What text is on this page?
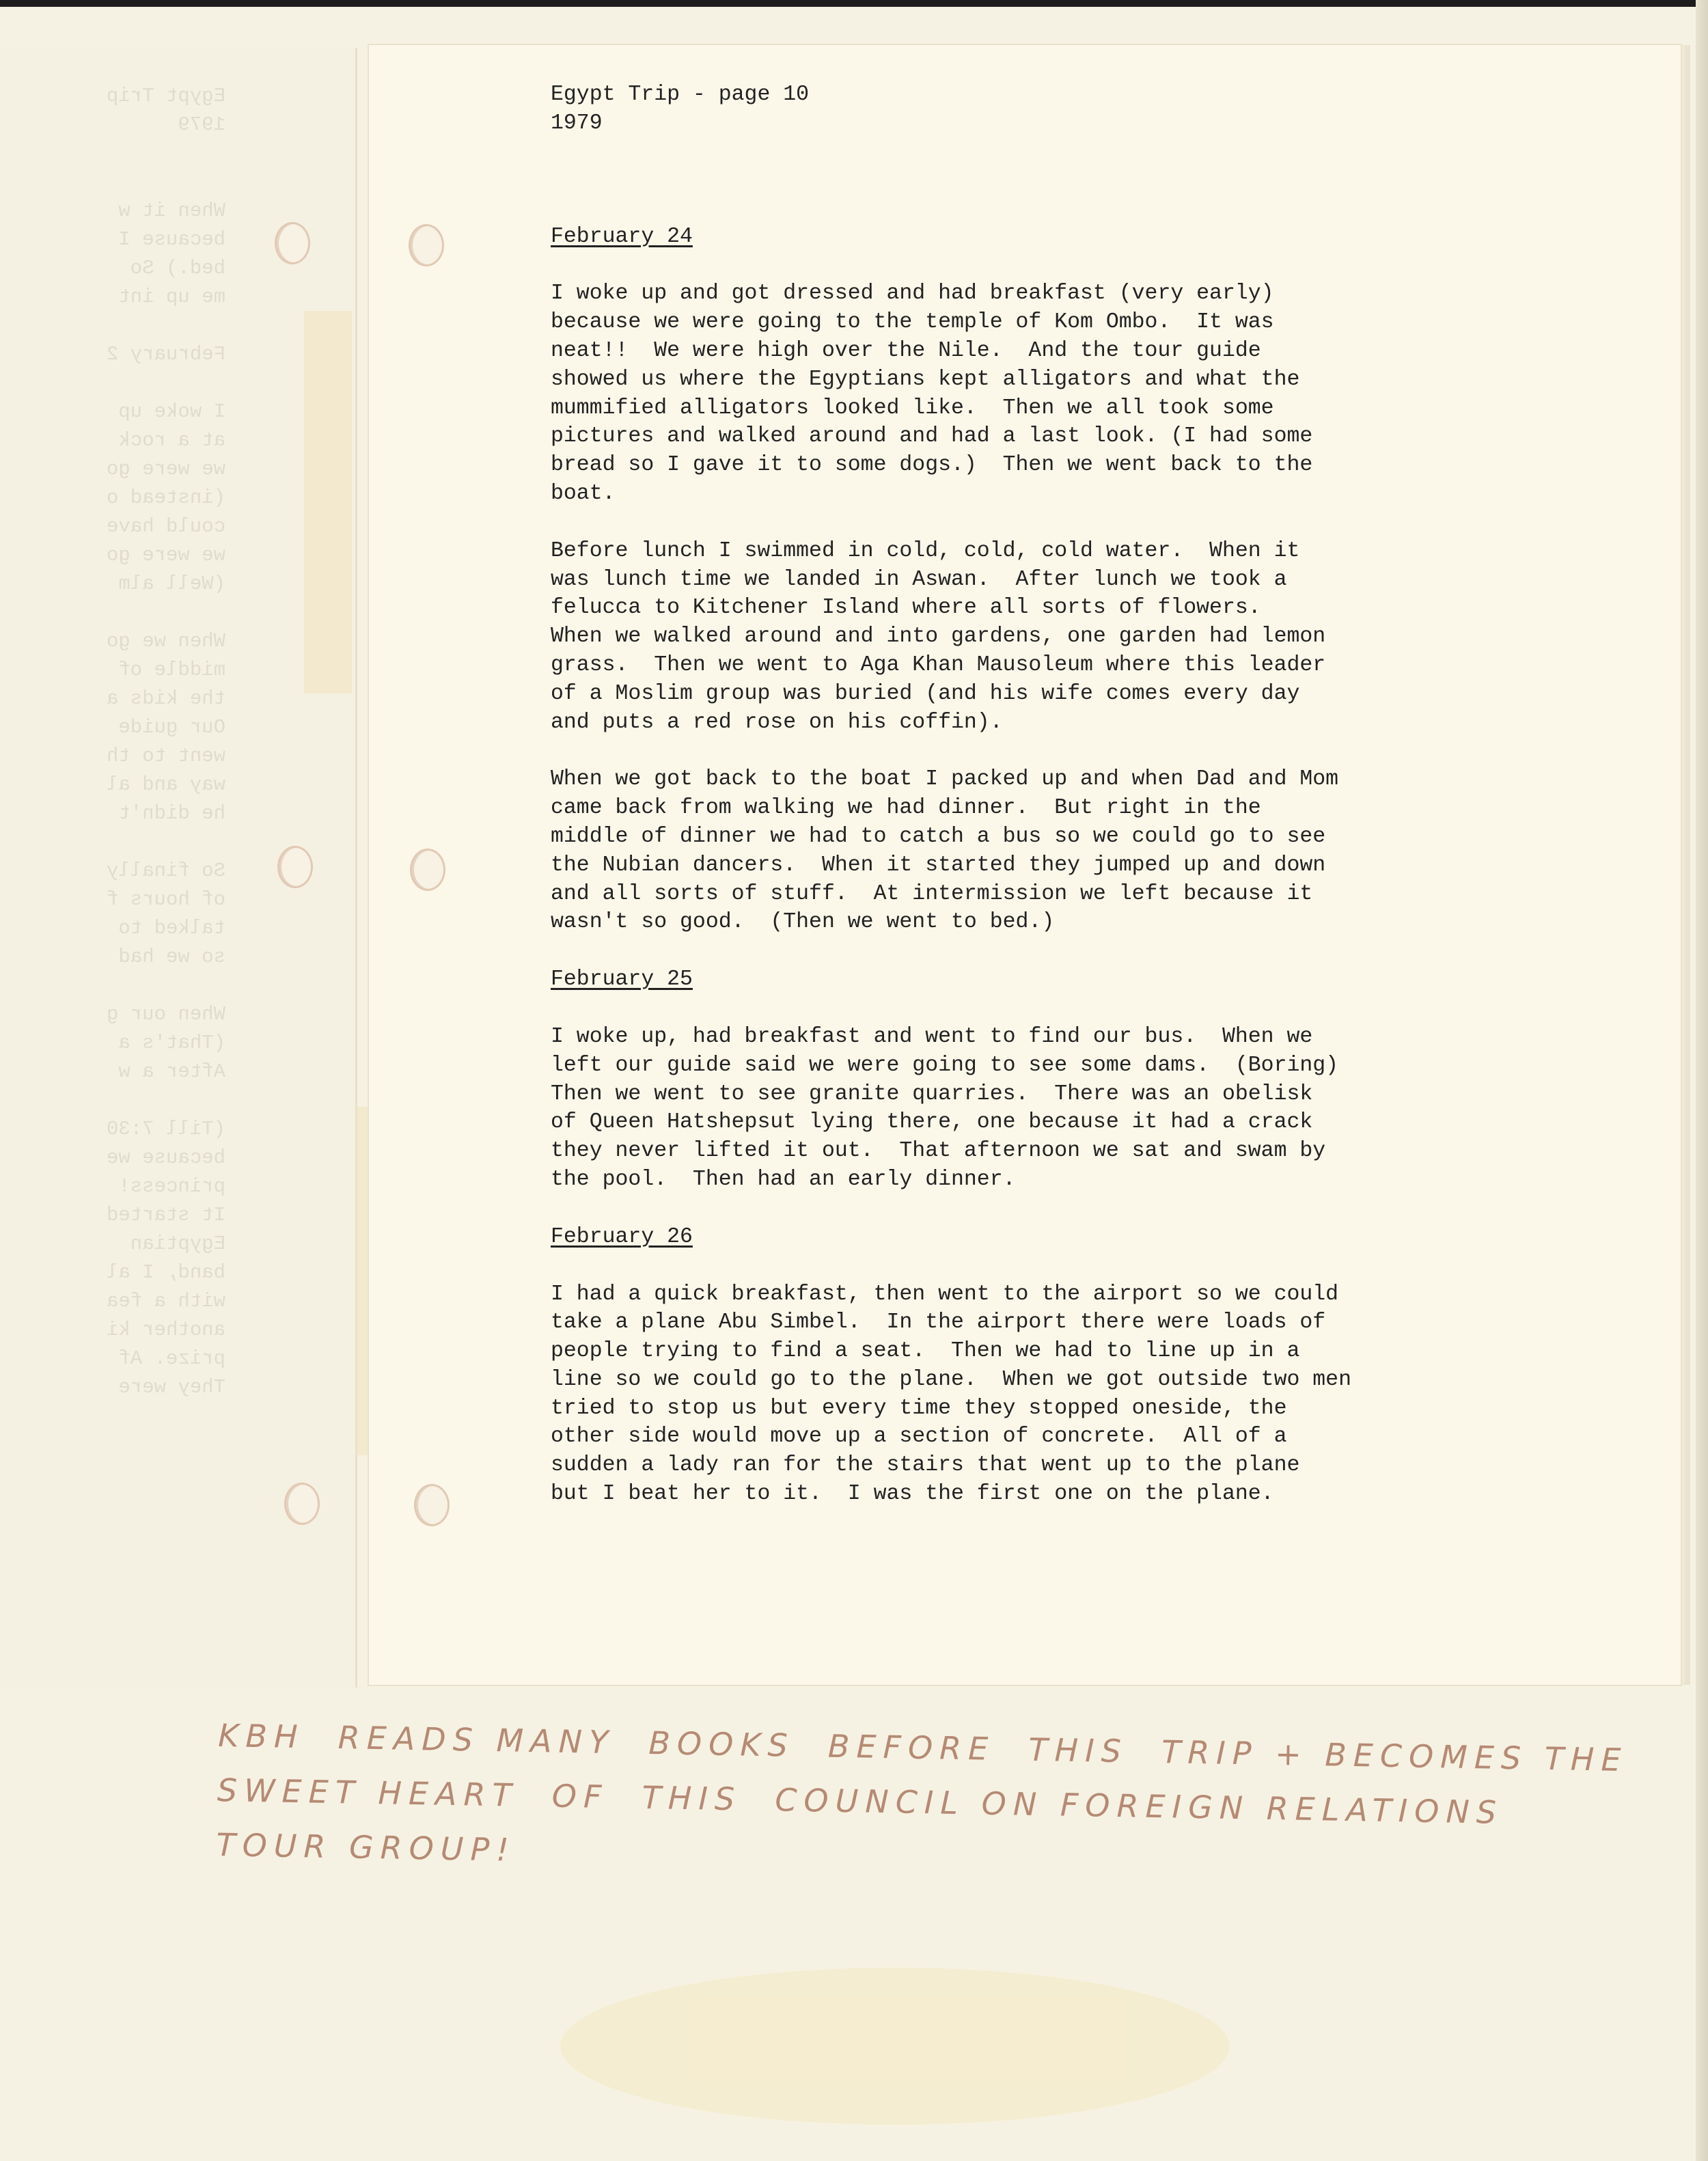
Egypt Trip
1979

When it w
because I
bed.) So
me up int

February 2

I woke up
at a rock
we were go
(instead o
could have
we were go
(Well alm

When we go
middle of
the kids a
Our guide
went to th
way and al
he didn't

So finally
of hours f
talked to
so we had

When our g
(That's a
After a w

(Till 7:30
because we
princess!
It started
Egyptian
band, I al
with a fea
another ki
prize. Af
They were

Egypt Trip - page 10

1979

February 24

I woke up and got dressed and had breakfast (very early)

because we were going to the temple of Kom Ombo.  It was

neat!!  We were high over the Nile.  And the tour guide

showed us where the Egyptians kept alligators and what the

mummified alligators looked like.  Then we all took some

pictures and walked around and had a last look. (I had some

bread so I gave it to some dogs.)  Then we went back to the

boat.

Before lunch I swimmed in cold, cold, cold water.  When it

was lunch time we landed in Aswan.  After lunch we took a

felucca to Kitchener Island where all sorts of flowers.

When we walked around and into gardens, one garden had lemon

grass.  Then we went to Aga Khan Mausoleum where this leader

of a Moslim group was buried (and his wife comes every day

and puts a red rose on his coffin).

When we got back to the boat I packed up and when Dad and Mom

came back from walking we had dinner.  But right in the

middle of dinner we had to catch a bus so we could go to see

the Nubian dancers.  When it started they jumped up and down

and all sorts of stuff.  At intermission we left because it

wasn't so good.  (Then we went to bed.)

February 25

I woke up, had breakfast and went to find our bus.  When we

left our guide said we were going to see some dams.  (Boring)

Then we went to see granite quarries.  There was an obelisk

of Queen Hatshepsut lying there, one because it had a crack

they never lifted it out.  That afternoon we sat and swam by

the pool.  Then had an early dinner.

February 26

I had a quick breakfast, then went to the airport so we could

take a plane Abu Simbel.  In the airport there were loads of

people trying to find a seat.  Then we had to line up in a

line so we could go to the plane.  When we got outside two men

tried to stop us but every time they stopped oneside, the

other side would move up a section of concrete.  All of a

sudden a lady ran for the stairs that went up to the plane

but I beat her to it.  I was the first one on the plane.

KBH  READS MANY  BOOKS  BEFORE  THIS  TRIP + BECOMES THE
SWEET HEART  OF  THIS  COUNCIL ON FOREIGN RELATIONS
TOUR GROUP!
